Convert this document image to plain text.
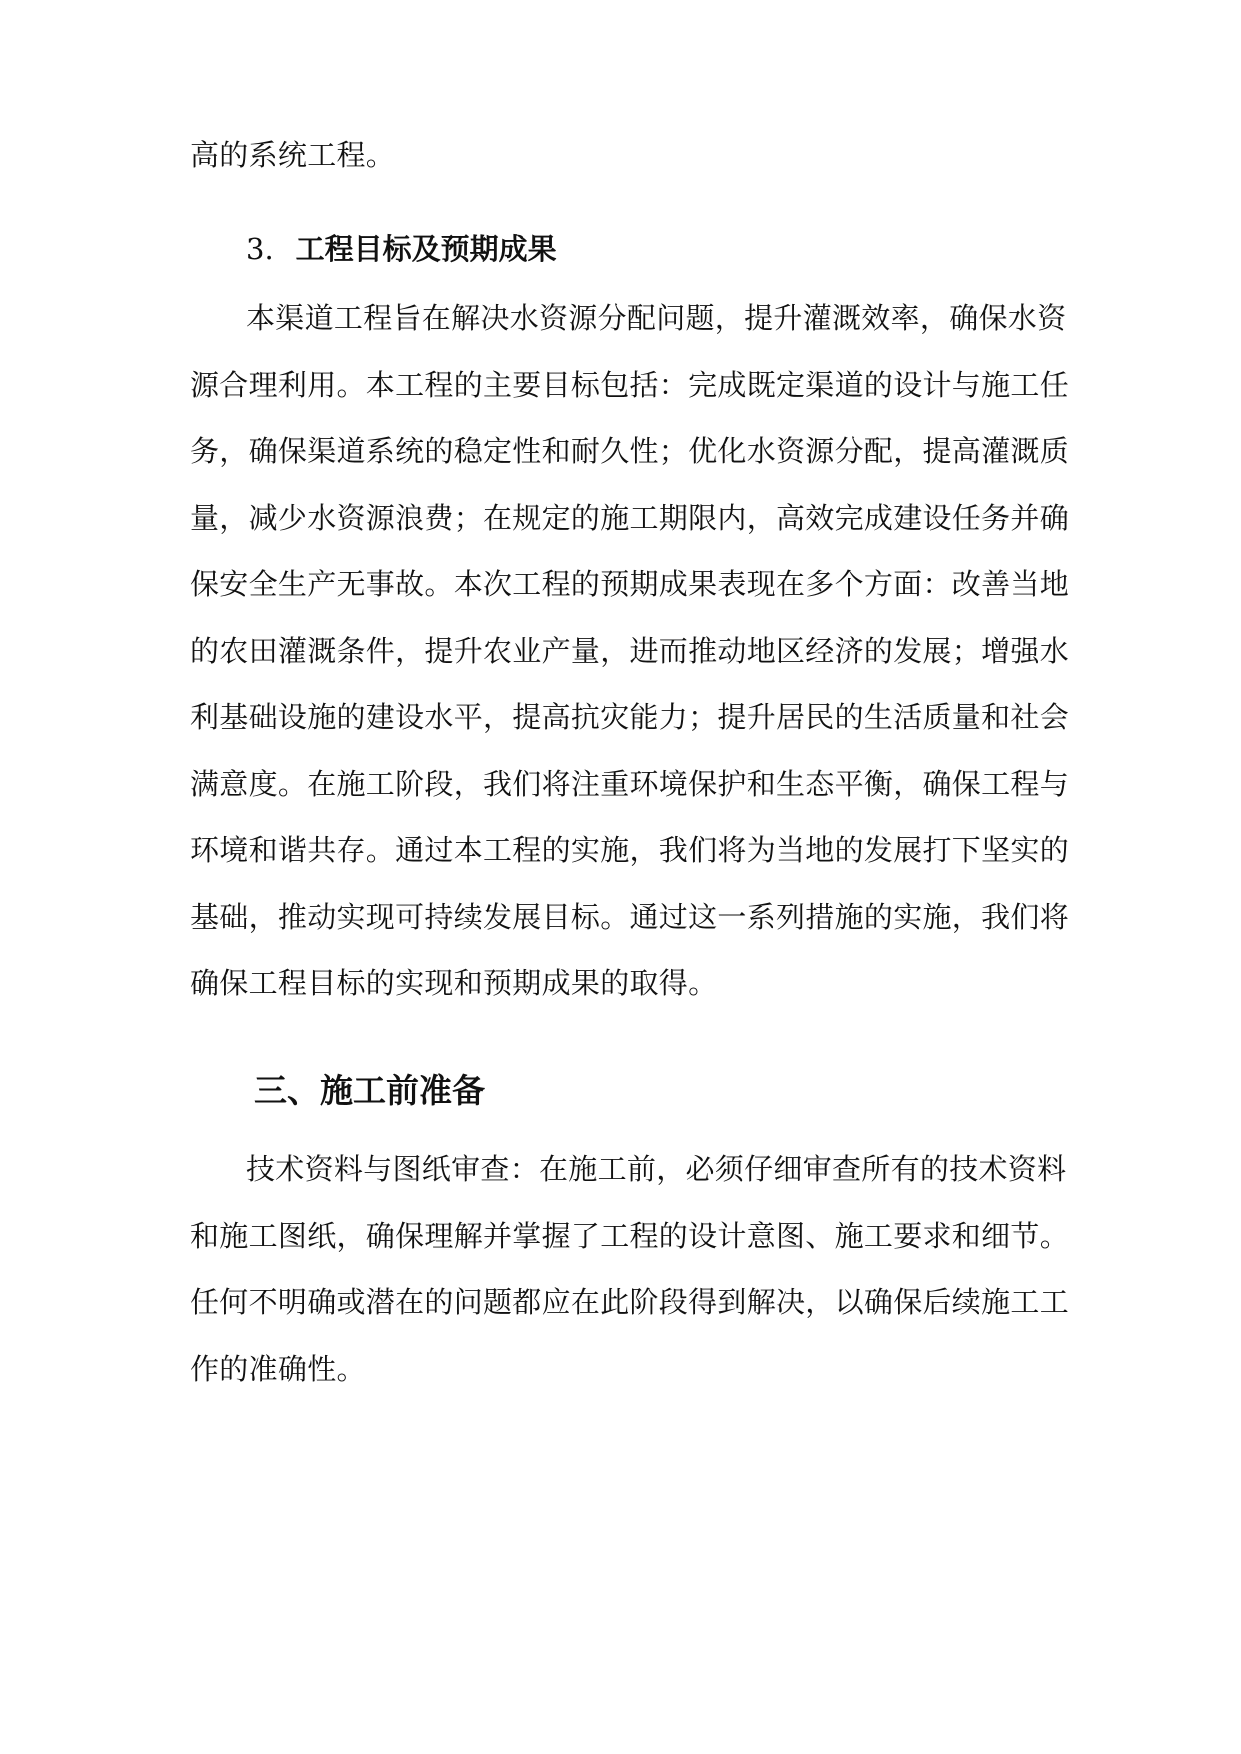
高的系统工程。
3. 工程目标及预期成果
本渠道工程旨在解决水资源分配问题，提升灌溉效率，确保水资
源合理利用。本工程的主要目标包括：完成既定渠道的设计与施工任
务，确保渠道系统的稳定性和耐久性；优化水资源分配，提高灌溉质
量，减少水资源浪费；在规定的施工期限内，高效完成建设任务并确
保安全生产无事故。本次工程的预期成果表现在多个方面：改善当地
的农田灌溉条件，提升农业产量，进而推动地区经济的发展；增强水
利基础设施的建设水平，提高抗灾能力；提升居民的生活质量和社会
满意度。在施工阶段，我们将注重环境保护和生态平衡，确保工程与
环境和谐共存。通过本工程的实施，我们将为当地的发展打下坚实的
基础，推动实现可持续发展目标。通过这一系列措施的实施，我们将
确保工程目标的实现和预期成果的取得。
三、施工前准备
技术资料与图纸审查：在施工前，必须仔细审查所有的技术资料
和施工图纸，确保理解并掌握了工程的设计意图、施工要求和细节。
任何不明确或潜在的问题都应在此阶段得到解决，以确保后续施工工
作的准确性。
